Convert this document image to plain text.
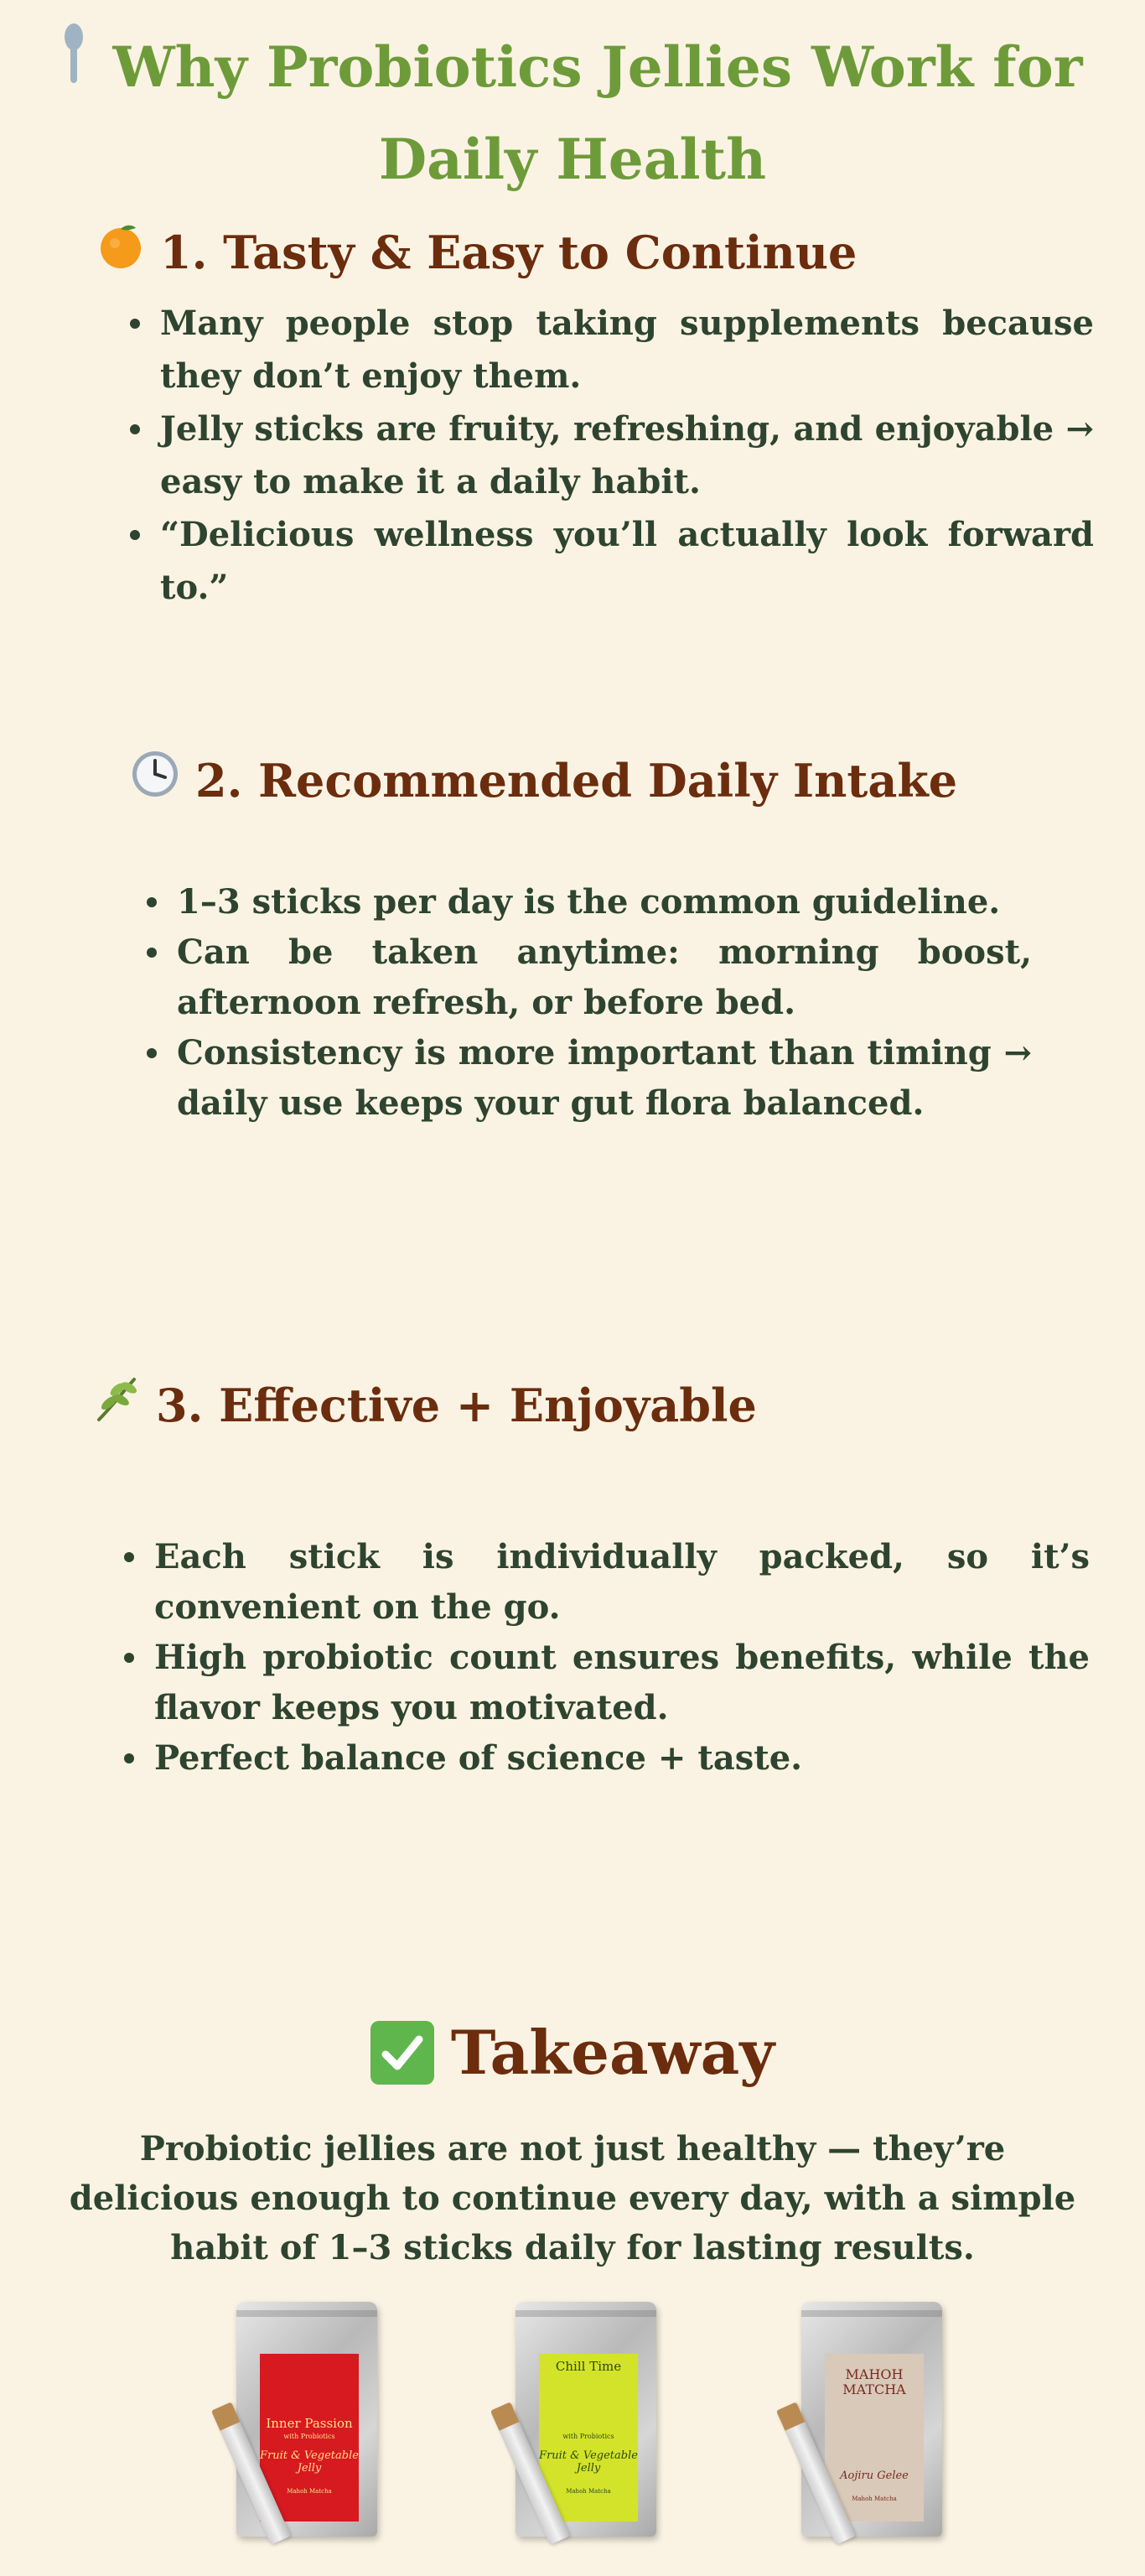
Why Probiotics Jellies Work for
Daily Health
1. Tasty & Easy to Continue
Many people stop taking supplements because they don’t enjoy them.
Jelly sticks are fruity, refreshing, and enjoyable → easy to make it a daily habit.
“Delicious wellness you’ll actually look forward to.”
2. Recommended Daily Intake
1–3 sticks per day is the common guideline.
Can be taken anytime: morning boost, afternoon refresh, or before bed.
Consistency is more important than timing → daily use keeps your gut flora balanced.
3. Effective + Enjoyable
Each stick is individually packed, so it’s convenient on the go.
High probiotic count ensures benefits, while the flavor keeps you motivated.
Perfect balance of science + taste.
Takeaway
Probiotic jellies are not just healthy — they’re delicious enough to continue every day, with a simple habit of 1–3 sticks daily for lasting results.
Inner Passion
with Probiotics
Fruit & Vegetable Jelly
Mahoh Matcha
Chill Time
with Probiotics
Fruit & Vegetable Jelly
Mahoh Matcha
MAHOH MATCHA
Aojiru Gelee
Mahoh Matcha
